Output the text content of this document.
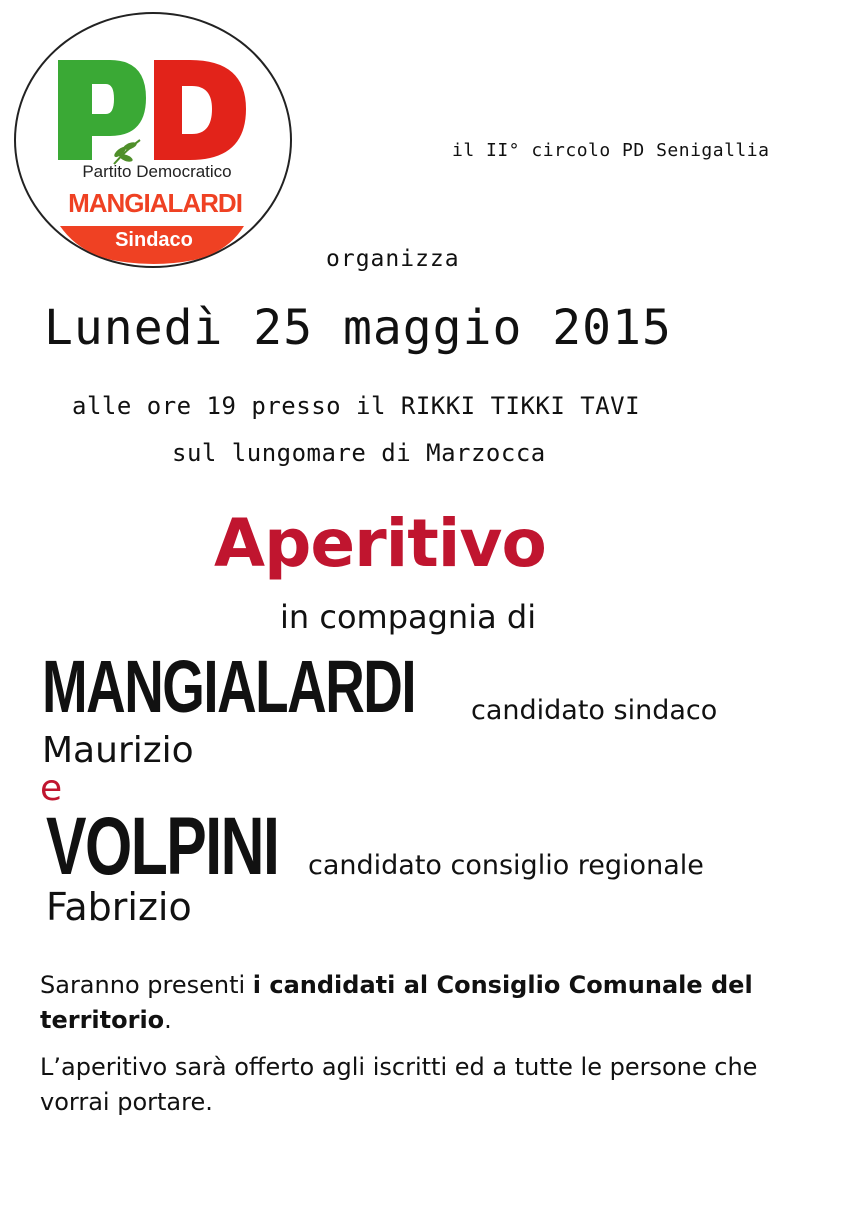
Partito Democratico
MANGIALARDI
Sindaco
il II° circolo PD Senigallia
organizza
Lunedì 25 maggio 2015
alle ore 19 presso il RIKKI TIKKI TAVI
sul lungomare di Marzocca
Aperitivo
in compagnia di
MANGIALARDI candidato sindaco
Maurizio
e
VOLPINI candidato consiglio regionale
Fabrizio
Saranno presenti i candidati al Consiglio Comunale del territorio.
L’aperitivo sarà offerto agli iscritti ed a tutte le persone che vorrai portare.
